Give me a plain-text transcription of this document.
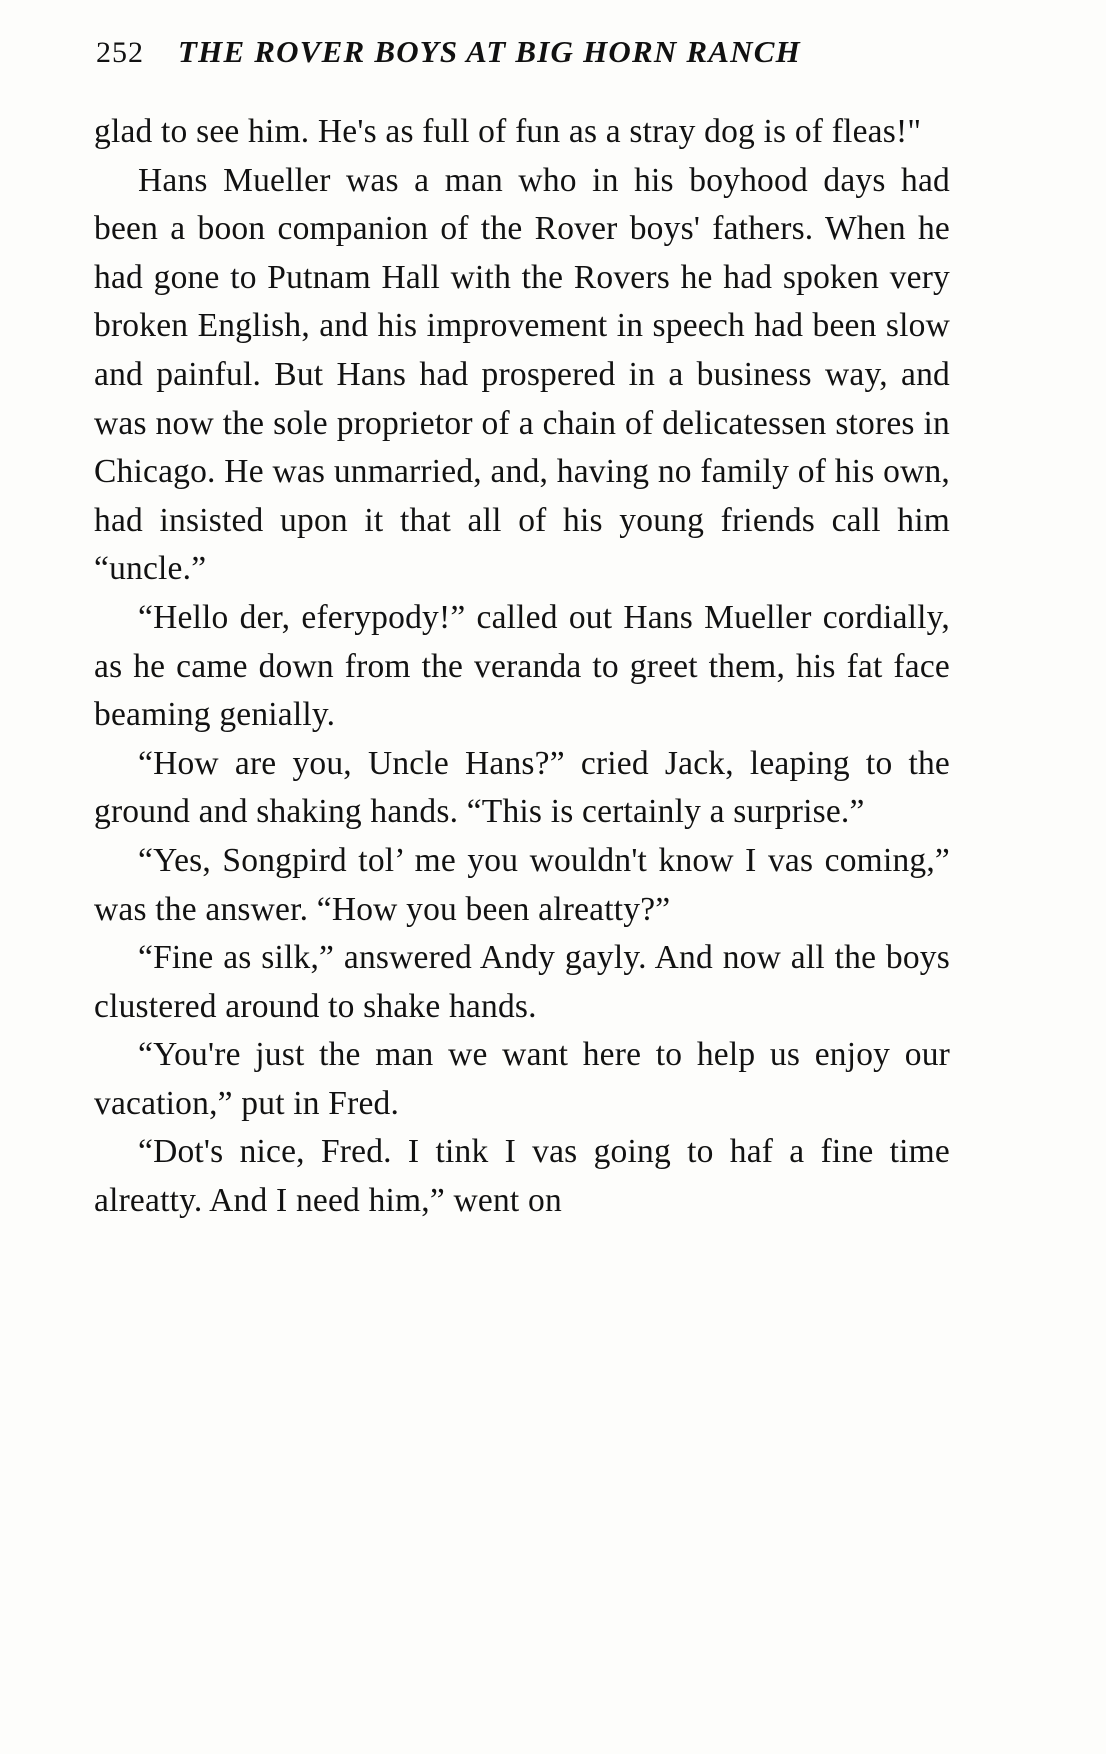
252 THE ROVER BOYS AT BIG HORN RANCH

glad to see him. He's as full of fun as a stray dog is of fleas!"

Hans Mueller was a man who in his boyhood days had been a boon companion of the Rover boys' fathers. When he had gone to Putnam Hall with the Rovers he had spoken very broken English, and his improvement in speech had been slow and painful. But Hans had prospered in a business way, and was now the sole proprietor of a chain of delicatessen stores in Chicago. He was unmarried, and, having no family of his own, had insisted upon it that all of his young friends call him “uncle.”

“Hello der, eferypody!” called out Hans Mueller cordially, as he came down from the veranda to greet them, his fat face beaming genially.

“How are you, Uncle Hans?” cried Jack, leaping to the ground and shaking hands. “This is certainly a surprise.”

“Yes, Songpird tol’ me you wouldn't know I vas coming,” was the answer. “How you been alreatty?”

“Fine as silk,” answered Andy gayly. And now all the boys clustered around to shake hands.

“You're just the man we want here to help us enjoy our vacation,” put in Fred.

“Dot's nice, Fred. I tink I vas going to haf a fine time alreatty. And I need him,” went on
